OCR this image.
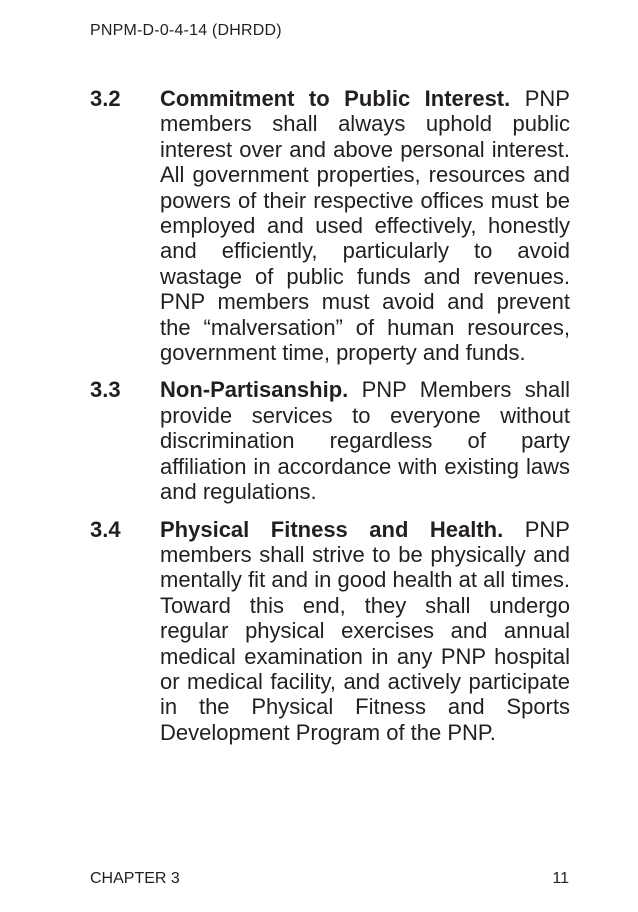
PNPM-D-0-4-14 (DHRDD)
3.2	Commitment to Public Interest. PNP members shall always uphold public interest over and above personal interest. All government properties, resources and powers of their respective offices must be employed and used effectively, honestly and efficiently, particularly to avoid wastage of public funds and revenues. PNP members must avoid and prevent the “malversation” of human resources, government time, property and funds.
3.3	Non-Partisanship. PNP Members shall provide services to everyone without discrimination regardless of party affiliation in accordance with existing laws and regulations.
3.4	Physical Fitness and Health. PNP members shall strive to be physically and mentally fit and in good health at all times. Toward this end, they shall undergo regular physical exercises and annual medical examination in any PNP hospital or medical facility, and actively participate in the Physical Fitness and Sports Development Program of the PNP.
CHAPTER 3	11
